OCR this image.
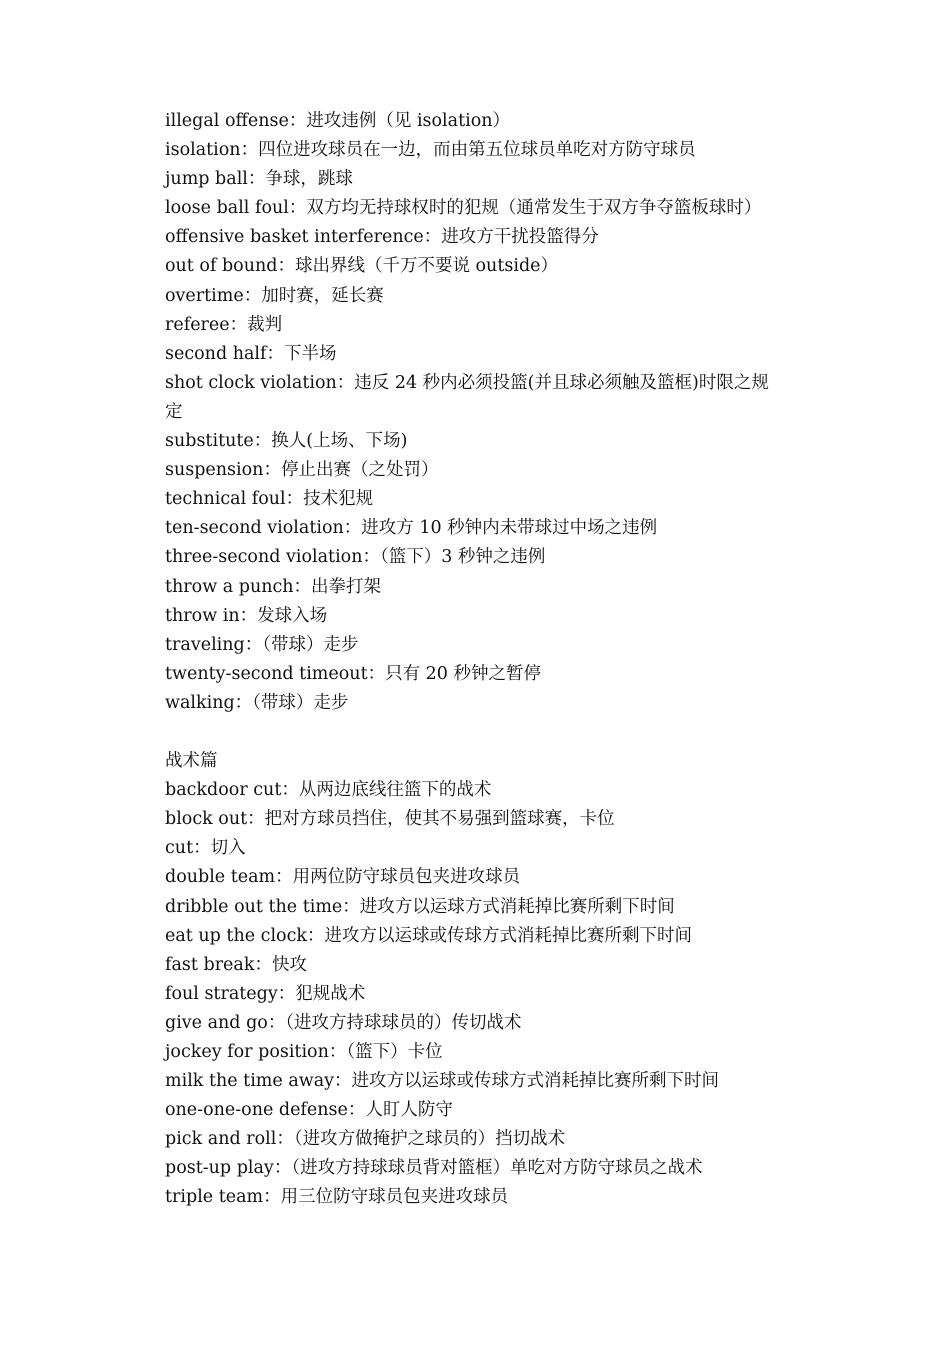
illegal offense：进攻违例（见 isolation）

isolation：四位进攻球员在一边，而由第五位球员单吃对方防守球员

jump ball：争球，跳球

loose ball foul：双方均无持球权时的犯规（通常发生于双方争夺篮板球时）

offensive basket interference：进攻方干扰投篮得分

out of bound：球出界线（千万不要说 outside）

overtime：加时赛，延长赛

referee：裁判

second half：下半场

shot clock violation：违反 24 秒内必须投篮(并且球必须触及篮框)时限之规

定

substitute：换人(上场、下场)

suspension：停止出赛（之处罚）

technical foul：技术犯规

ten-second violation：进攻方 10 秒钟内未带球过中场之违例

three-second violation：（篮下）3 秒钟之违例

throw a punch：出拳打架

throw in：发球入场

traveling：（带球）走步

twenty-second timeout：只有 20 秒钟之暂停

walking：（带球）走步

战术篇

backdoor cut：从两边底线往篮下的战术

block out：把对方球员挡住，使其不易强到篮球赛，卡位

cut：切入

double team：用两位防守球员包夹进攻球员

dribble out the time：进攻方以运球方式消耗掉比赛所剩下时间

eat up the clock：进攻方以运球或传球方式消耗掉比赛所剩下时间

fast break：快攻

foul strategy：犯规战术

give and go：（进攻方持球球员的）传切战术

jockey for position：（篮下）卡位

milk the time away：进攻方以运球或传球方式消耗掉比赛所剩下时间

one-one-one defense：人盯人防守

pick and roll：（进攻方做掩护之球员的）挡切战术

post-up play：（进攻方持球球员背对篮框）单吃对方防守球员之战术

triple team：用三位防守球员包夹进攻球员
